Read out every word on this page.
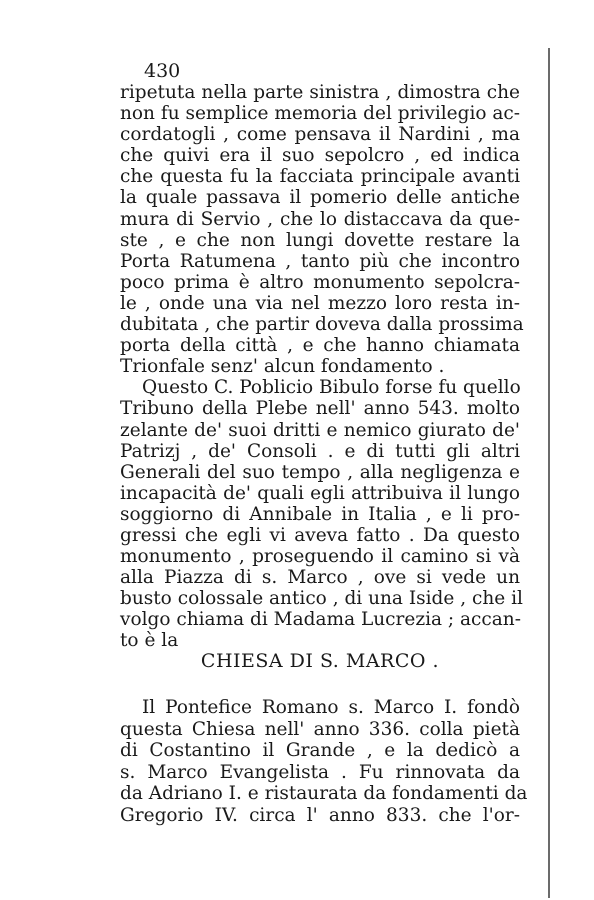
430
ripetuta nella parte sinistra , dimostra che
non fu semplice memoria del privilegio ac-
cordatogli , come pensava il Nardini , ma
che quivi era il suo sepolcro , ed indica
che questa fu la facciata principale avanti
la quale passava il pomerio delle antiche
mura di Servio , che lo distaccava da que-
ste , e che non lungi dovette restare la
Porta Ratumena , tanto più che incontro
poco prima è altro monumento sepolcra-
le , onde una via nel mezzo loro resta in-
dubitata , che partir doveva dalla prossima
porta della città , e che hanno chiamata
Trionfale senz' alcun fondamento .
Questo C. Poblicio Bibulo forse fu quello
Tribuno della Plebe nell' anno 543. molto
zelante de' suoi dritti e nemico giurato de'
Patrizj , de' Consoli . e di tutti gli altri
Generali del suo tempo , alla negligenza e
incapacità de' quali egli attribuiva il lungo
soggiorno di Annibale in Italia , e li pro-
gressi che egli vi aveva fatto . Da questo
monumento , proseguendo il camino si và
alla Piazza di s. Marco , ove si vede un
busto colossale antico , di una Iside , che il
volgo chiama di Madama Lucrezia ; accan-
to è la
CHIESA DI S. MARCO .
Il Pontefice Romano s. Marco I. fondò
questa Chiesa nell' anno 336. colla pietà
di Costantino il Grande , e la dedicò a
s. Marco Evangelista . Fu rinnovata da
da Adriano I. e ristaurata da fondamenti da
Gregorio IV. circa l' anno 833. che l'or-
